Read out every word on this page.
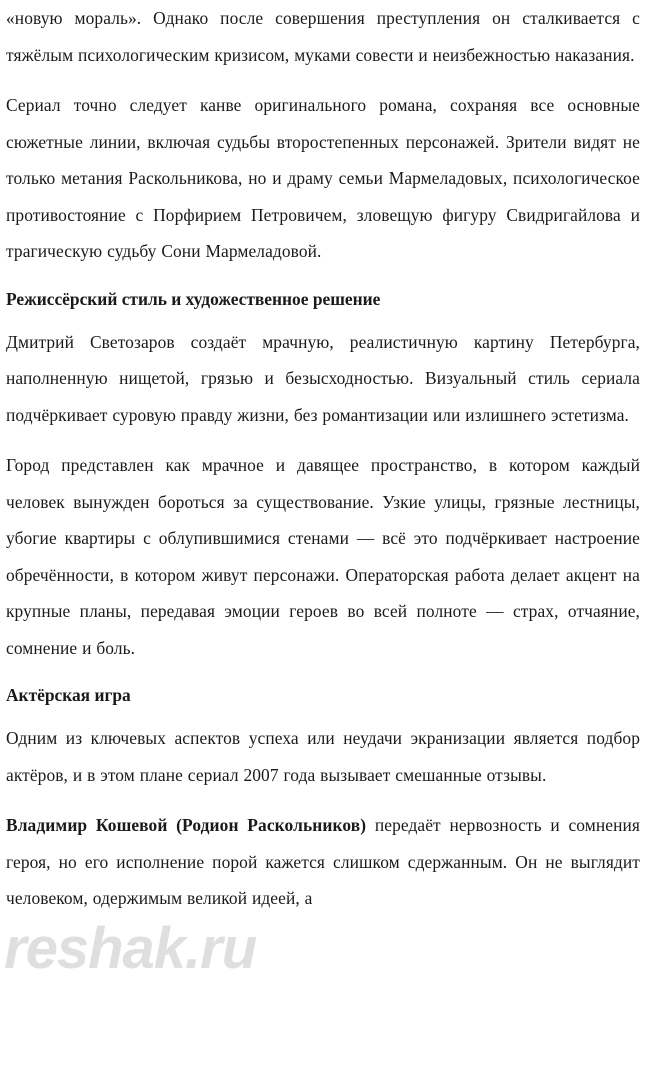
«новую мораль». Однако после совершения преступления он сталкивается с тяжёлым психологическим кризисом, муками совести и неизбежностью наказания.

Сериал точно следует канве оригинального романа, сохраняя все основные сюжетные линии, включая судьбы второстепенных персонажей. Зрители видят не только метания Раскольникова, но и драму семьи Мармеладовых, психологическое противостояние с Порфирием Петровичем, зловещую фигуру Свидригайлова и трагическую судьбу Сони Мармеладовой.

Режиссёрский стиль и художественное решение

Дмитрий Светозаров создаёт мрачную, реалистичную картину Петербурга, наполненную нищетой, грязью и безысходностью. Визуальный стиль сериала подчёркивает суровую правду жизни, без романтизации или излишнего эстетизма.

Город представлен как мрачное и давящее пространство, в котором каждый человек вынужден бороться за существование. Узкие улицы, грязные лестницы, убогие квартиры с облупившимися стенами — всё это подчёркивает настроение обречённости, в котором живут персонажи. Операторская работа делает акцент на крупные планы, передавая эмоции героев во всей полноте — страх, отчаяние, сомнение и боль.

Актёрская игра

Одним из ключевых аспектов успеха или неудачи экранизации является подбор актёров, и в этом плане сериал 2007 года вызывает смешанные отзывы.

Владимир Кошевой (Родион Раскольников) передаёт нервозность и сомнения героя, но его исполнение порой кажется слишком сдержанным. Он не выглядит человеком, одержимым великой идеей, а

reshak.ru
